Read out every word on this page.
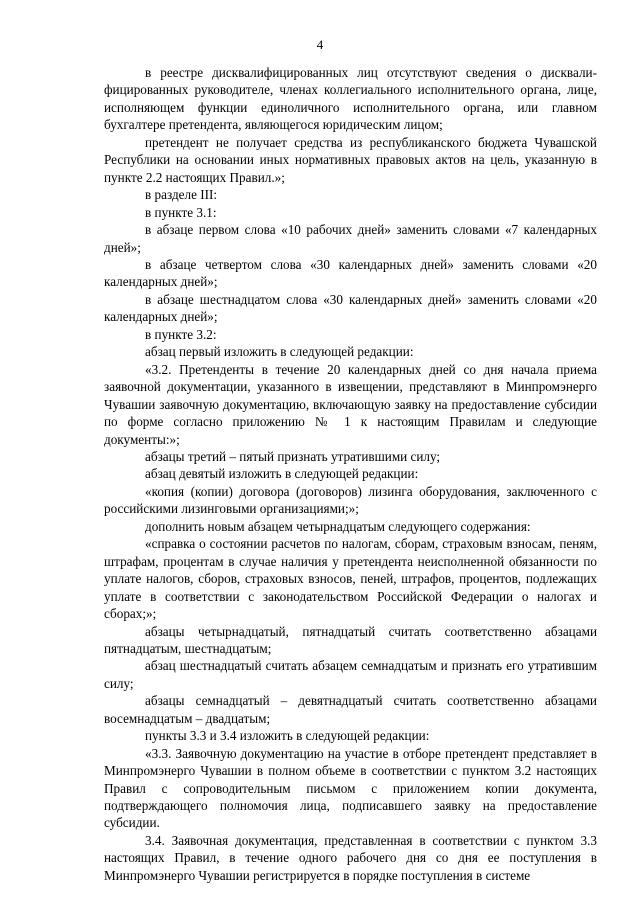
4

в реестре дисквалифицированных лиц отсутствуют сведения о дисквалифицированных руководителе, членах коллегиального исполнительного органа, лице, исполняющем функции единоличного исполнительного органа, или главном бухгалтере претендента, являющегося юридическим лицом;

претендент не получает средства из республиканского бюджета Чувашской Республики на основании иных нормативных правовых актов на цель, указанную в пункте 2.2 настоящих Правил.»;

в разделе III:

в пункте 3.1:

в абзаце первом слова «10 рабочих дней» заменить словами «7 календарных дней»;

в абзаце четвертом слова «30 календарных дней» заменить словами «20 календарных дней»;

в абзаце шестнадцатом слова «30 календарных дней» заменить словами «20 календарных дней»;

в пункте 3.2:

абзац первый изложить в следующей редакции:

«3.2. Претенденты в течение 20 календарных дней со дня начала приема заявочной документации, указанного в извещении, представляют в Минпромэнерго Чувашии заявочную документацию, включающую заявку на предоставление субсидии по форме согласно приложению № 1 к настоящим Правилам и следующие документы:»;

абзацы третий – пятый признать утратившими силу;

абзац девятый изложить в следующей редакции:

«копия (копии) договора (договоров) лизинга оборудования, заключенного с российскими лизинговыми организациями;»;

дополнить новым абзацем четырнадцатым следующего содержания:

«справка о состоянии расчетов по налогам, сборам, страховым взносам, пеням, штрафам, процентам в случае наличия у претендента неисполненной обязанности по уплате налогов, сборов, страховых взносов, пеней, штрафов, процентов, подлежащих уплате в соответствии с законодательством Российской Федерации о налогах и сборах;»;

абзацы четырнадцатый, пятнадцатый считать соответственно абзацами пятнадцатым, шестнадцатым;

абзац шестнадцатый считать абзацем семнадцатым и признать его утратившим силу;

абзацы семнадцатый – девятнадцатый считать соответственно абзацами восемнадцатым – двадцатым;

пункты 3.3 и 3.4 изложить в следующей редакции:

«3.3. Заявочную документацию на участие в отборе претендент представляет в Минпромэнерго Чувашии в полном объеме в соответствии с пунктом 3.2 настоящих Правил с сопроводительным письмом с приложением копии документа, подтверждающего полномочия лица, подписавшего заявку на предоставление субсидии.

3.4. Заявочная документация, представленная в соответствии с пунктом 3.3 настоящих Правил, в течение одного рабочего дня со дня ее поступления в Минпромэнерго Чувашии регистрируется в порядке поступления в системе
